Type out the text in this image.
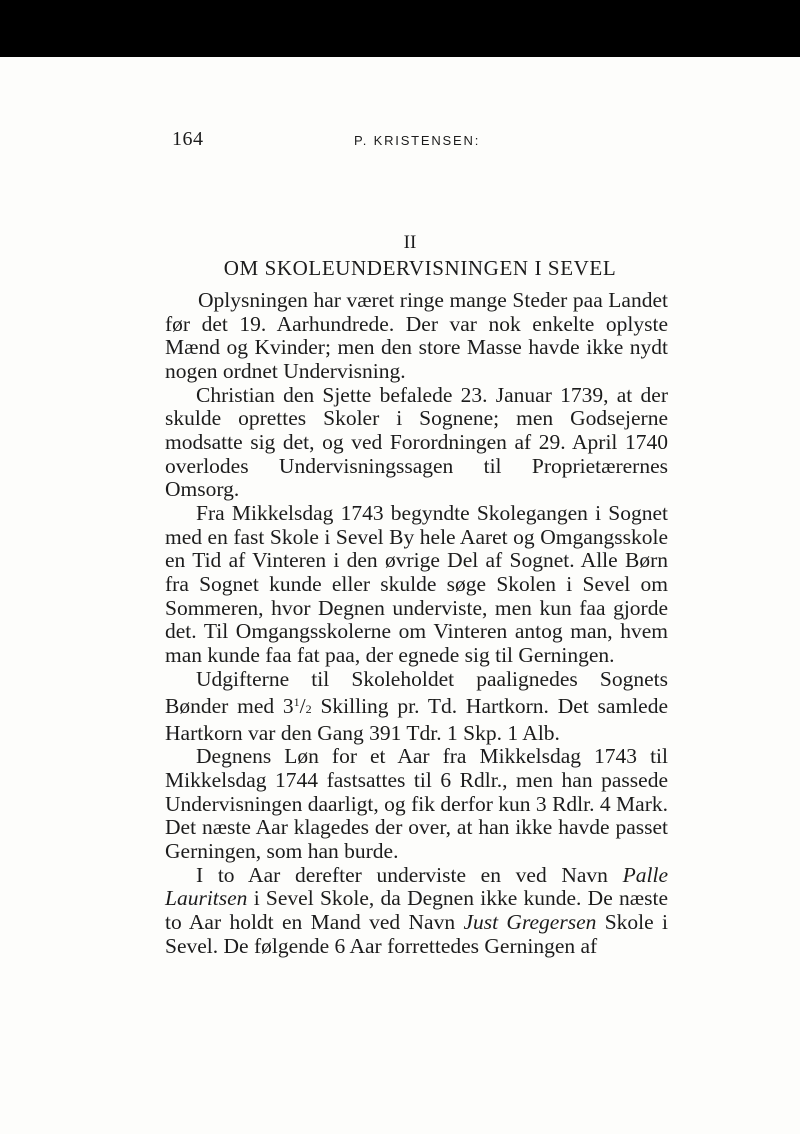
164	P. KRISTENSEN:
II
OM SKOLEUNDERVISNINGEN I SEVEL

Oplysningen har været ringe mange Steder paa Landet før det 19. Aarhundrede. Der var nok enkelte oplyste Mænd og Kvinder; men den store Masse havde ikke nydt nogen ordnet Undervisning.

Christian den Sjette befalede 23. Januar 1739, at der skulde oprettes Skoler i Sognene; men Godsejerne modsatte sig det, og ved Forordningen af 29. April 1740 overlodes Undervisningssagen til Proprietærernes Omsorg.

Fra Mikkelsdag 1743 begyndte Skolegangen i Sognet med en fast Skole i Sevel By hele Aaret og Omgangsskole en Tid af Vinteren i den øvrige Del af Sognet. Alle Børn fra Sognet kunde eller skulde søge Skolen i Sevel om Sommeren, hvor Degnen underviste, men kun faa gjorde det. Til Omgangsskolerne om Vinteren antog man, hvem man kunde faa fat paa, der egnede sig til Gerningen.

Udgifterne til Skoleholdet paalignedes Sognets Bønder med $3^1/2$ Skilling pr. Td. Hartkorn. Det samlede Hartkorn var den Gang 391 Tdr. 1 Skp. 1 Alb.

Degnens Løn for et Aar fra Mikkelsdag 1743 til Mikkelsdag 1744 fastsattes til 6 Rdlr., men han passede Undervisningen daarligt, og fik derfor kun 3 Rdlr. 4 Mark. Det næste Aar klagedes der over, at han ikke havde passet Gerningen, som han burde.

I to Aar derefter underviste en ved Navn Palle Lauritsen i Sevel Skole, da Degnen ikke kunde. De næste to Aar holdt en Mand ved Navn Just Gregersen Skole i Sevel. De følgende 6 Aar forrettedes Gerningen af
